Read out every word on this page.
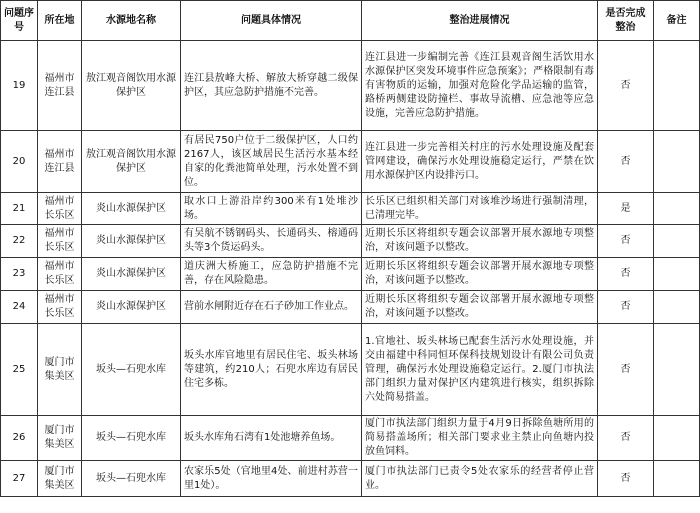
问题序号	所在地	水源地名称	问题具体情况	整治进展情况	是否完成整治	备注
19	福州市连江县	敖江观音阁饮用水源保护区	连江县敖峰大桥、解放大桥穿越二级保护区，其应急防护措施不完善。	连江县进一步编制完善《连江县观音阁生活饮用水水源保护区突发环境事件应急预案》；严格限制有毒有害物质的运输，加强对危险化学品运输的监管，路桥两侧建设防撞栏、事故导流槽、应急池等应急设施，完善应急防护措施。	否	
20	福州市连江县	敖江观音阁饮用水源保护区	有居民750户位于二级保护区，人口约2167人，该区域居民生活污水基本经自家的化粪池简单处理，污水处置不到位。	连江县进一步完善相关村庄的污水处理设施及配套管网建设，确保污水处理设施稳定运行，严禁在饮用水源保护区内设排污口。	否	
21	福州市长乐区	炎山水源保护区	取水口上游沿岸约300米有1处堆沙场。	长乐区已组织相关部门对该堆沙场进行强制清理，已清理完毕。	是	
22	福州市长乐区	炎山水源保护区	有吴航不锈钢码头、长通码头、榕通码头等3个货运码头。	近期长乐区将组织专题会议部署开展水源地专项整治，对该问题予以整改。	否	
23	福州市长乐区	炎山水源保护区	道庆洲大桥施工，应急防护措施不完善，存在风险隐患。	近期长乐区将组织专题会议部署开展水源地专项整治，对该问题予以整改。	否	
24	福州市长乐区	炎山水源保护区	营前水闸附近存在石子砂加工作业点。	近期长乐区将组织专题会议部署开展水源地专项整治，对该问题予以整改。	否	
25	厦门市集美区	坂头—石兜水库	坂头水库官地里有居民住宅、坂头林场等建筑，约210人；石兜水库边有居民住宅多栋。	1.官地社、坂头林场已配套生活污水处理设施，并交由福建中科同恒环保科技规划设计有限公司负责管理，确保污水处理设施稳定运行。2.厦门市执法部门组织力量对保护区内建筑进行核实，组织拆除六处简易搭盖。	否	
26	厦门市集美区	坂头—石兜水库	坂头水库角石湾有1处池塘养鱼场。	厦门市执法部门组织力量于4月9日拆除鱼塘所用的简易搭盖场所；相关部门要求业主禁止向鱼塘内投放鱼饲料。	否	
27	厦门市集美区	坂头—石兜水库	农家乐5处（官地里4处、前进村苏营一里1处）。	厦门市执法部门已责令5处农家乐的经营者停止营业。	否	
